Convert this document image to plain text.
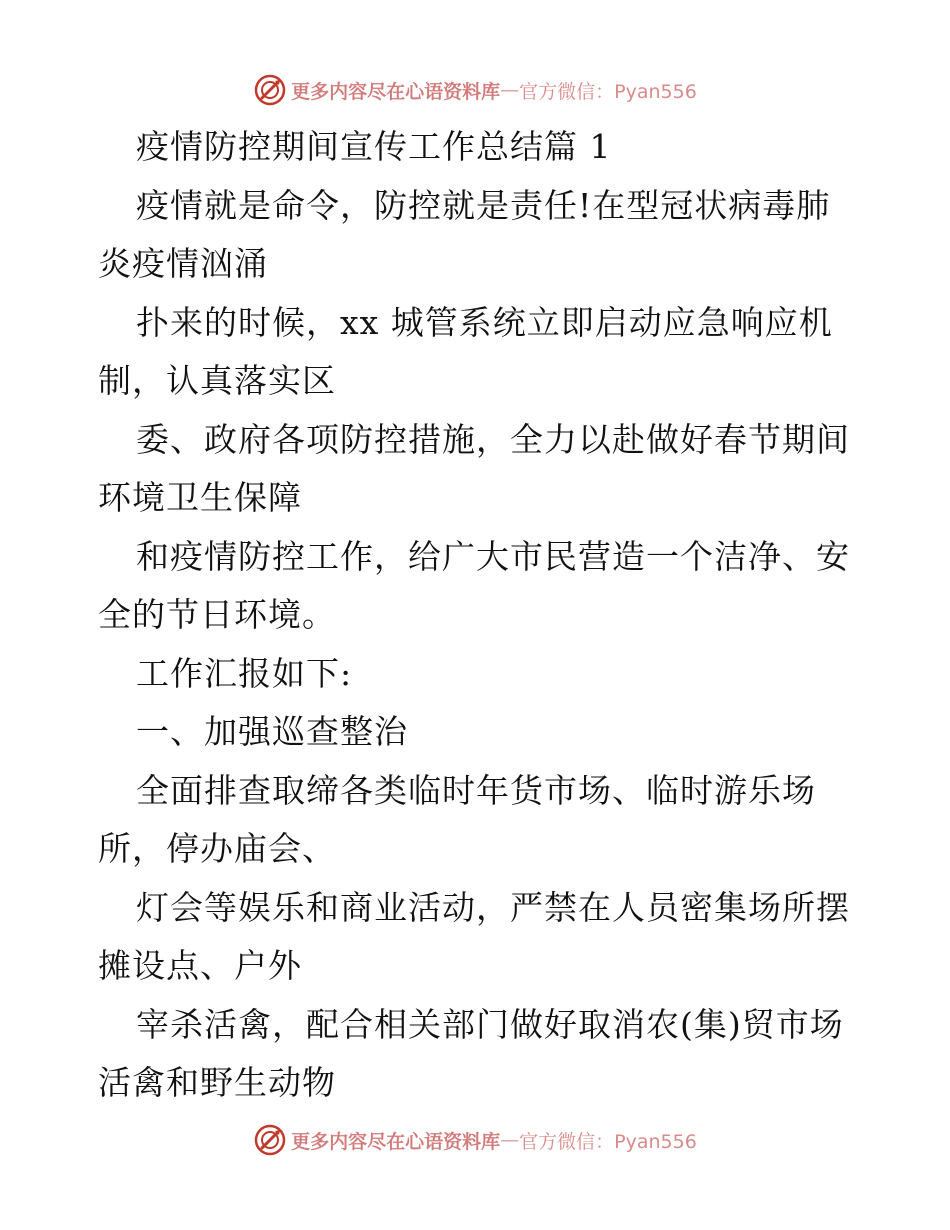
更多内容尽在心语资料库 — 官方微信：Pyan556
疫情防控期间宣传工作总结篇 1
疫情就是命令，防控就是责任!在型冠状病毒肺
炎疫情汹涌
扑来的时候，xx 城管系统立即启动应急响应机
制，认真落实区
委、政府各项防控措施，全力以赴做好春节期间
环境卫生保障
和疫情防控工作，给广大市民营造一个洁净、安
全的节日环境。
工作汇报如下:
一、加强巡查整治
全面排查取缔各类临时年货市场、临时游乐场
所，停办庙会、
灯会等娱乐和商业活动，严禁在人员密集场所摆
摊设点、户外
宰杀活禽，配合相关部门做好取消农(集)贸市场
活禽和野生动物
更多内容尽在心语资料库 — 官方微信：Pyan556
